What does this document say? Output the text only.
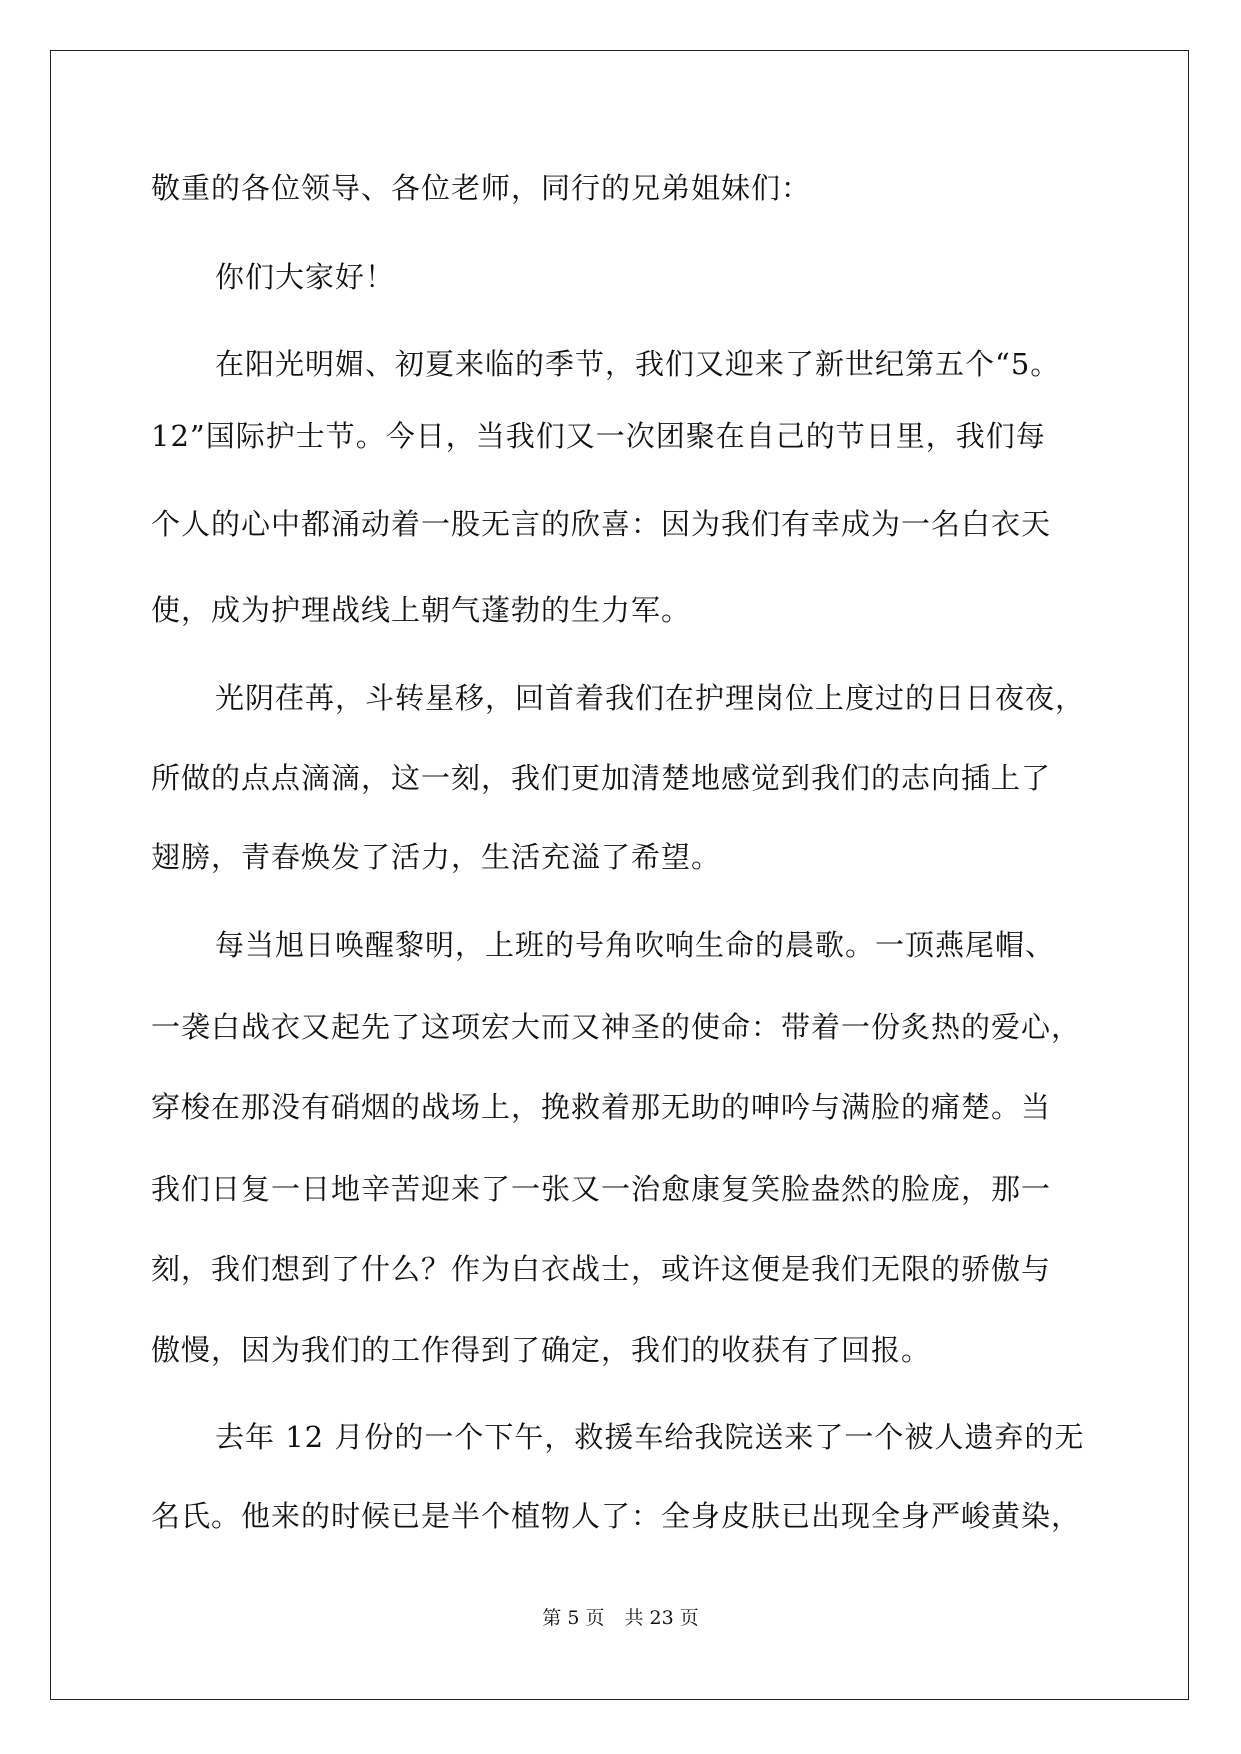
敬重的各位领导、各位老师，同行的兄弟姐妹们：
你们大家好！
在阳光明媚、初夏来临的季节，我们又迎来了新世纪第五个“5。
12”国际护士节。今日，当我们又一次团聚在自己的节日里，我们每
个人的心中都涌动着一股无言的欣喜：因为我们有幸成为一名白衣天
使，成为护理战线上朝气蓬勃的生力军。
光阴荏苒，斗转星移，回首着我们在护理岗位上度过的日日夜夜，
所做的点点滴滴，这一刻，我们更加清楚地感觉到我们的志向插上了
翅膀，青春焕发了活力，生活充溢了希望。
每当旭日唤醒黎明，上班的号角吹响生命的晨歌。一顶燕尾帽、
一袭白战衣又起先了这项宏大而又神圣的使命：带着一份炙热的爱心，
穿梭在那没有硝烟的战场上，挽救着那无助的呻吟与满脸的痛楚。当
我们日复一日地辛苦迎来了一张又一治愈康复笑脸盎然的脸庞，那一
刻，我们想到了什么？作为白衣战士，或许这便是我们无限的骄傲与
傲慢，因为我们的工作得到了确定，我们的收获有了回报。
去年 12 月份的一个下午，救援车给我院送来了一个被人遗弃的无
名氏。他来的时候已是半个植物人了：全身皮肤已出现全身严峻黄染，
第 5 页 共 23 页
